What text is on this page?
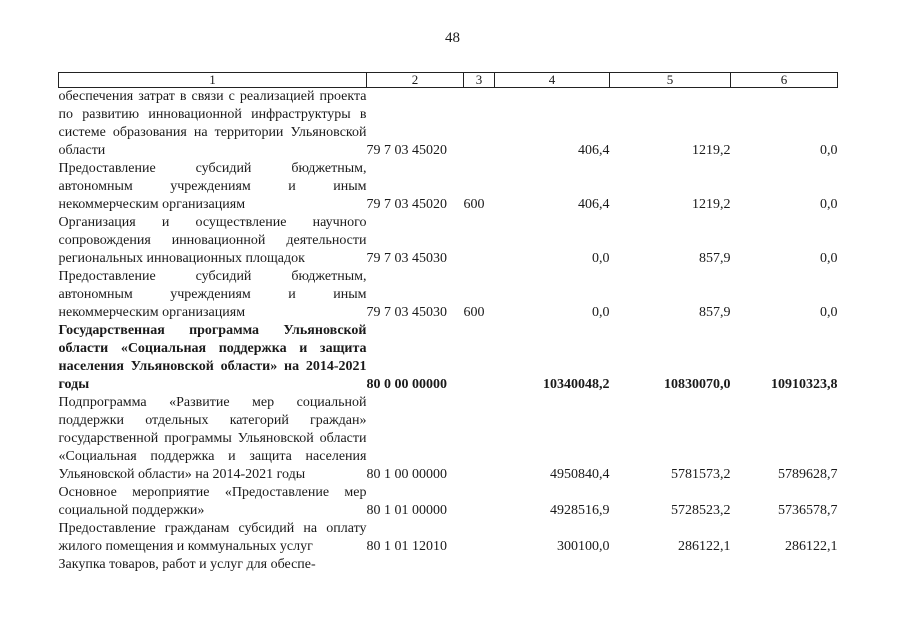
48
1	2	3	4	5	6
обеспечения затрат в связи с реализацией проекта по развитию инновационной инфраструктуры в системе образования на территории Ульяновской области	79 7 03 45020		406,4	1219,2	0,0
Предоставление субсидий бюджетным, автономным учреждениям и иным некоммерческим организациям	79 7 03 45020	600	406,4	1219,2	0,0
Организация и осуществление научного сопровождения инновационной деятельности региональных инновационных площадок	79 7 03 45030		0,0	857,9	0,0
Предоставление субсидий бюджетным, автономным учреждениям и иным некоммерческим организациям	79 7 03 45030	600	0,0	857,9	0,0
Государственная программа Ульяновской области «Социальная поддержка и защита населения Ульяновской области» на 2014-2021 годы	80 0 00 00000		10340048,2	10830070,0	10910323,8
Подпрограмма «Развитие мер социальной поддержки отдельных категорий граждан» государственной программы Ульяновской области «Социальная поддержка и защита населения Ульяновской области» на 2014-2021 годы	80 1 00 00000		4950840,4	5781573,2	5789628,7
Основное мероприятие «Предоставление мер социальной поддержки»	80 1 01 00000		4928516,9	5728523,2	5736578,7
Предоставление гражданам субсидий на оплату жилого помещения и коммунальных услуг	80 1 01 12010		300100,0	286122,1	286122,1
Закупка товаров, работ и услуг для обеспе-					
